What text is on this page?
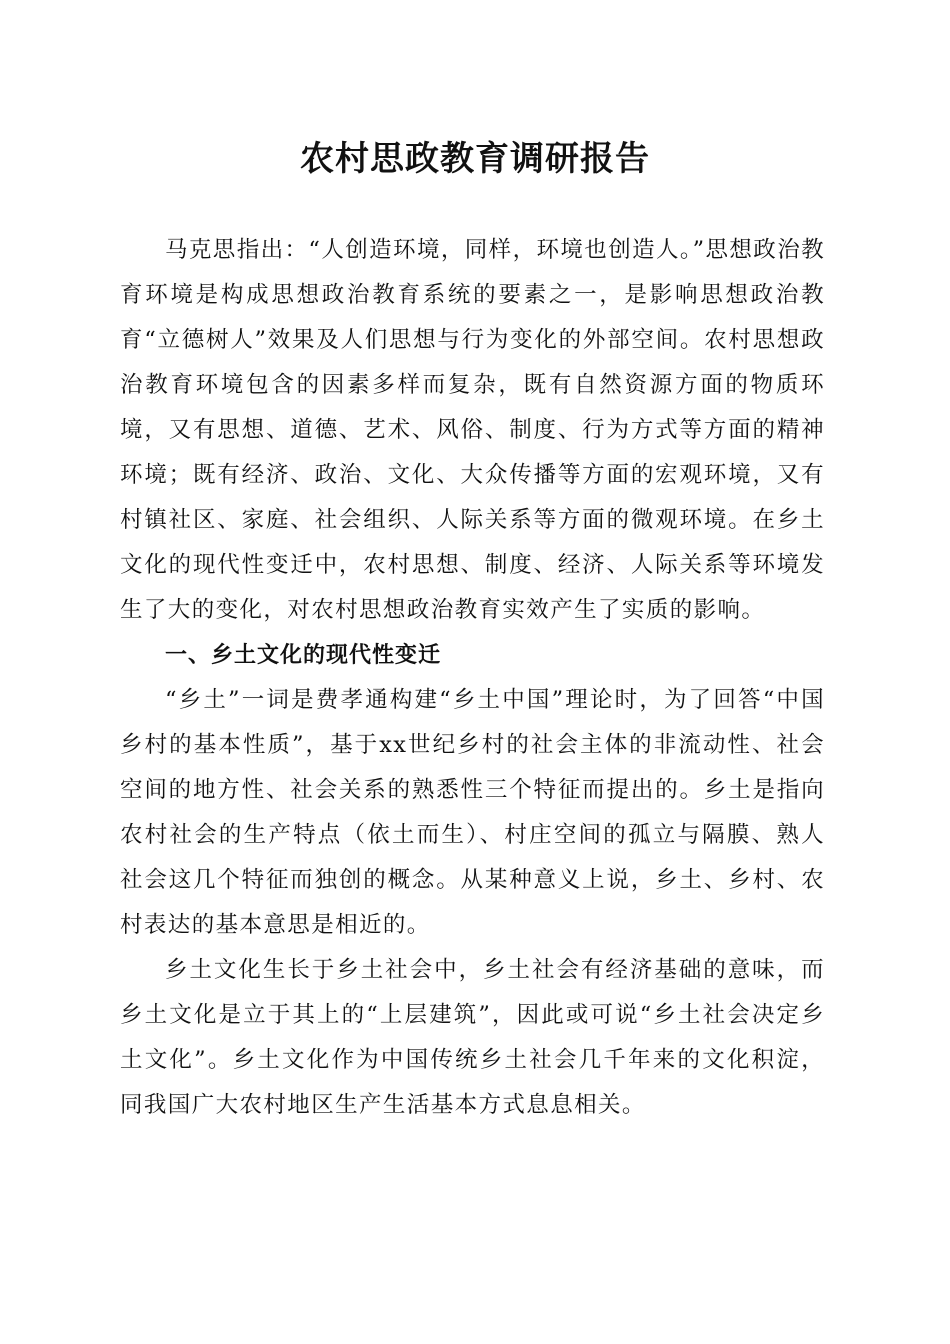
农村思政教育调研报告

马克思指出：“人创造环境，同样，环境也创造人。”思想政治教育环境是构成思想政治教育系统的要素之一，是影响思想政治教育“立德树人”效果及人们思想与行为变化的外部空间。农村思想政治教育环境包含的因素多样而复杂，既有自然资源方面的物质环境，又有思想、道德、艺术、风俗、制度、行为方式等方面的精神环境；既有经济、政治、文化、大众传播等方面的宏观环境，又有村镇社区、家庭、社会组织、人际关系等方面的微观环境。在乡土文化的现代性变迁中，农村思想、制度、经济、人际关系等环境发生了大的变化，对农村思想政治教育实效产生了实质的影响。

一、乡土文化的现代性变迁

“乡土”一词是费孝通构建“乡土中国”理论时，为了回答“中国乡村的基本性质”，基于xx世纪乡村的社会主体的非流动性、社会空间的地方性、社会关系的熟悉性三个特征而提出的。乡土是指向农村社会的生产特点（依土而生）、村庄空间的孤立与隔膜、熟人社会这几个特征而独创的概念。从某种意义上说，乡土、乡村、农村表达的基本意思是相近的。

乡土文化生长于乡土社会中，乡土社会有经济基础的意味，而乡土文化是立于其上的“上层建筑”，因此或可说“乡土社会决定乡土文化”。乡土文化作为中国传统乡土社会几千年来的文化积淀，同我国广大农村地区生产生活基本方式息息相关。
